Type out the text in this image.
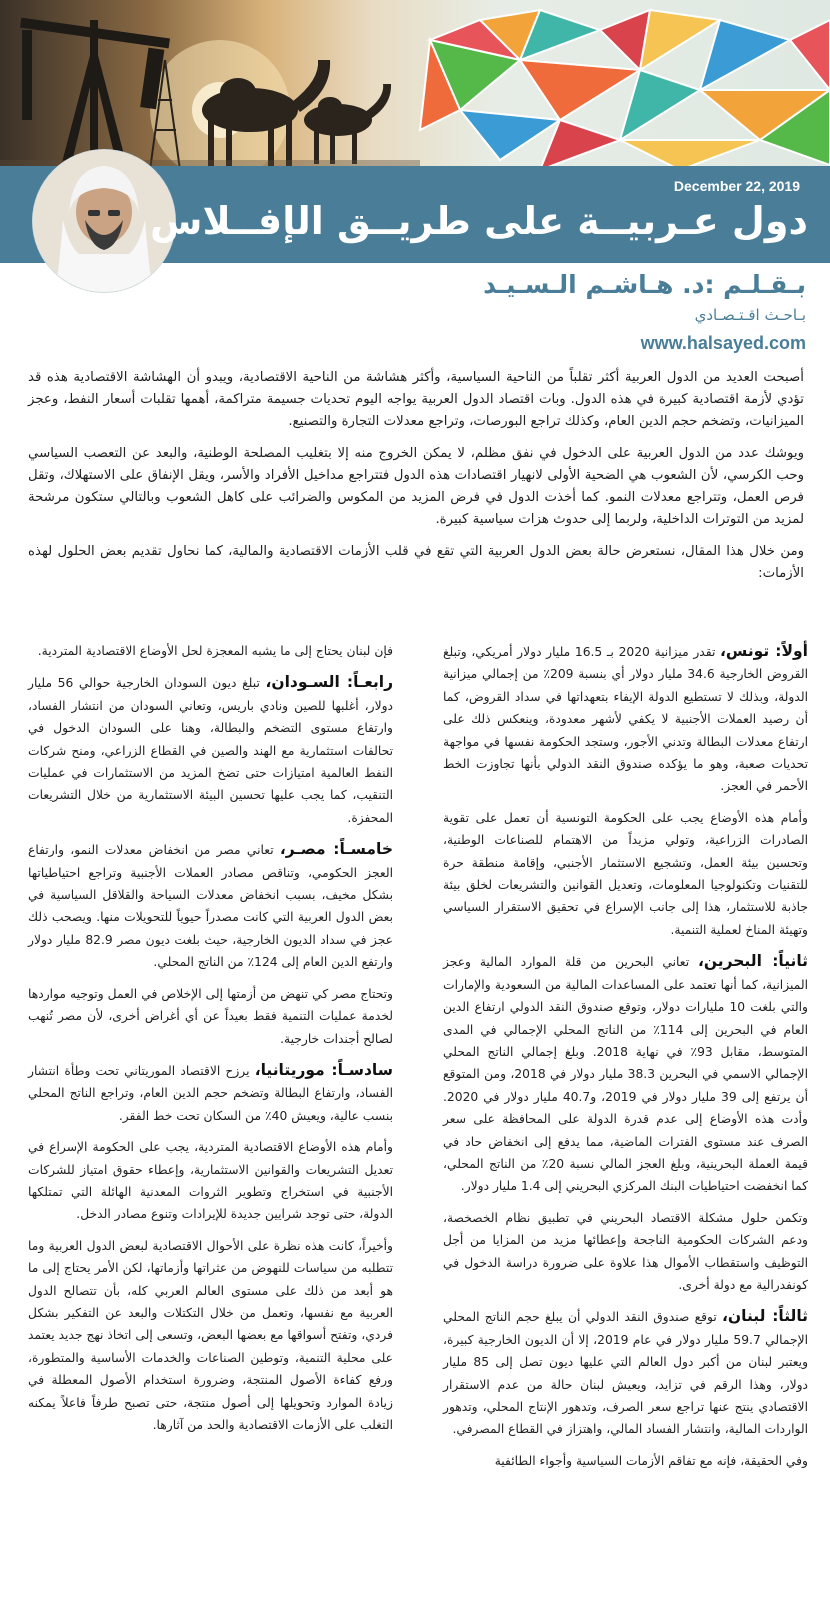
December 22, 2019
دول عـربيــة على طريــق الإفــلاس
بـقـلـم :د. هـاشـم الـسـيـد
بـاحـث اقـتـصـادي
www.halsayed.com

أصبحت العديد من الدول العربية أكثر تقلباً من الناحية السياسية، وأكثر هشاشة من الناحية الاقتصادية، ويبدو أن الهشاشة الاقتصادية هذه قد تؤدي لأزمة اقتصادية كبيرة في هذه الدول. وبات اقتصاد الدول العربية يواجه اليوم تحديات جسيمة متراكمة، أهمها تقلبات أسعار النفط، وعجز الميزانيات، وتضخم حجم الدين العام، وكذلك تراجع البورصات، وتراجع معدلات التجارة والتصنيع.

ويوشك عدد من الدول العربية على الدخول في نفق مظلم، لا يمكن الخروج منه إلا بتغليب المصلحة الوطنية، والبعد عن التعصب السياسي وحب الكرسي، لأن الشعوب هي الضحية الأولى لانهيار اقتصادات هذه الدول فتتراجع مداخيل الأفراد والأسر، ويقل الإنفاق على الاستهلاك، وتقل فرص العمل، وتتراجع معدلات النمو. كما أخذت الدول في فرض المزيد من المكوس والضرائب على كاهل الشعوب وبالتالي ستكون مرشحة لمزيد من التوترات الداخلية، ولربما إلى حدوث هزات سياسية كبيرة.

ومن خلال هذا المقال، نستعرض حالة بعض الدول العربية التي تقع في قلب الأزمات الاقتصادية والمالية، كما نحاول تقديم بعض الحلول لهذه الأزمات:

أولاً: تونس، تقدر ميزانية 2020 بـ 16.5 مليار دولار أمريكي، وتبلغ القروض الخارجية 34.6 مليار دولار أي بنسبة 209٪ من إجمالي ميزانية الدولة، وبذلك لا تستطيع الدولة الإيفاء بتعهداتها في سداد القروض، كما أن رصيد العملات الأجنبية لا يكفي لأشهر معدودة، وينعكس ذلك على ارتفاع معدلات البطالة وتدني الأجور، وستجد الحكومة نفسها في مواجهة تحديات صعبة، وهو ما يؤكده صندوق النقد الدولي بأنها تجاوزت الخط الأحمر في العجز.

وأمام هذه الأوضاع يجب على الحكومة التونسية أن تعمل على تقوية الصادرات الزراعية، وتولي مزيداً من الاهتمام للصناعات الوطنية، وتحسين بيئة العمل، وتشجيع الاستثمار الأجنبي، وإقامة منطقة حرة للتقنيات وتكنولوجيا المعلومات، وتعديل القوانين والتشريعات لخلق بيئة جاذبة للاستثمار، هذا إلى جانب الإسراع في تحقيق الاستقرار السياسي وتهيئة المناخ لعملية التنمية.

ثانياً: البحرين، تعاني البحرين من قلة الموارد المالية وعجز الميزانية، كما أنها تعتمد على المساعدات المالية من السعودية والإمارات والتي بلغت 10 مليارات دولار، وتوقع صندوق النقد الدولي ارتفاع الدين العام في البحرين إلى 114٪ من الناتج المحلي الإجمالي في المدى المتوسط، مقابل 93٪ في نهاية 2018. وبلغ إجمالي الناتج المحلي الإجمالي الاسمي في البحرين 38.3 مليار دولار في 2018، ومن المتوقع أن يرتفع إلى 39 مليار دولار في 2019، و40.7 مليار دولار في 2020. وأدت هذه الأوضاع إلى عدم قدرة الدولة على المحافظة على سعر الصرف عند مستوى الفترات الماضية، مما يدفع إلى انخفاض حاد في قيمة العملة البحرينية، وبلغ العجز المالي نسبة 20٪ من الناتج المحلي، كما انخفضت احتياطيات البنك المركزي البحريني إلى 1.4 مليار دولار.

وتكمن حلول مشكلة الاقتصاد البحريني في تطبيق نظام الخصخصة، ودعم الشركات الحكومية الناجحة وإعطائها مزيد من المزايا من أجل التوظيف واستقطاب الأموال هذا علاوة على ضرورة دراسة الدخول في كونفدرالية مع دولة أخرى.

ثالثاً: لبنان، توقع صندوق النقد الدولي أن يبلغ حجم الناتج المحلي الإجمالي 59.7 مليار دولار في عام 2019، إلا أن الديون الخارجية كبيرة، ويعتبر لبنان من أكبر دول العالم التي عليها ديون تصل إلى 85 مليار دولار، وهذا الرقم في تزايد، ويعيش لبنان حالة من عدم الاستقرار الاقتصادي ينتج عنها تراجع سعر الصرف، وتدهور الإنتاج المحلي، وتدهور الواردات المالية، وانتشار الفساد المالي، واهتزاز في القطاع المصرفي.

وفي الحقيقة، فإنه مع تفاقم الأزمات السياسية وأجواء الطائفية

فإن لبنان يحتاج إلى ما يشبه المعجزة لحل الأوضاع الاقتصادية المتردية.

رابعـاً: السـودان، تبلغ ديون السودان الخارجية حوالي 56 مليار دولار، أغلبها للصين ونادي باريس، وتعاني السودان من انتشار الفساد، وارتفاع مستوى التضخم والبطالة، وهنا على السودان الدخول في تحالفات استثمارية مع الهند والصين في القطاع الزراعي، ومنح شركات النفط العالمية امتيازات حتى تضخ المزيد من الاستثمارات في عمليات التنقيب، كما يجب عليها تحسين البيئة الاستثمارية من خلال التشريعات المحفزة.

خامسـاً: مصـر، تعاني مصر من انخفاض معدلات النمو، وارتفاع العجز الحكومي، وتناقص مصادر العملات الأجنبية وتراجع احتياطياتها بشكل مخيف، بسبب انخفاض معدلات السياحة والقلاقل السياسية في بعض الدول العربية التي كانت مصدراً حيوياً للتحويلات منها. ويصحب ذلك عجز في سداد الديون الخارجية، حيث بلغت ديون مصر 82.9 مليار دولار وارتفع الدين العام إلى 124٪ من الناتج المحلي.

وتحتاج مصر كي تنهض من أزمتها إلى الإخلاص في العمل وتوجيه مواردها لخدمة عمليات التنمية فقط بعيداً عن أي أغراض أخرى، لأن مصر تُنهب لصالح أجندات خارجية.

سادسـاً: موريتانيا، يرزح الاقتصاد الموريتاني تحت وطأة انتشار الفساد، وارتفاع البطالة وتضخم حجم الدين العام، وتراجع الناتج المحلي بنسب عالية، ويعيش 40٪ من السكان تحت خط الفقر.

وأمام هذه الأوضاع الاقتصادية المتردية، يجب على الحكومة الإسراع في تعديل التشريعات والقوانين الاستثمارية، وإعطاء حقوق امتياز للشركات الأجنبية في استخراج وتطوير الثروات المعدنية الهائلة التي تمتلكها الدولة، حتى توجد شرايين جديدة للإيرادات وتنوع مصادر الدخل.

وأخيراً، كانت هذه نظرة على الأحوال الاقتصادية لبعض الدول العربية وما تتطلبه من سياسات للنهوض من عثراتها وأزماتها، لكن الأمر يحتاج إلى ما هو أبعد من ذلك على مستوى العالم العربي كله، بأن تتصالح الدول العربية مع نفسها، وتعمل من خلال التكتلات والبعد عن التفكير بشكل فردي، وتفتح أسواقها مع بعضها البعض، وتسعى إلى اتخاذ نهج جديد يعتمد على محلية التنمية، وتوطين الصناعات والخدمات الأساسية والمتطورة، ورفع كفاءة الأصول المنتجة، وضرورة استخدام الأصول المعطلة في زيادة الموارد وتحويلها إلى أصول منتجة، حتى تصبح طرفاً فاعلاً يمكنه التغلب على الأزمات الاقتصادية والحد من آثارها.
